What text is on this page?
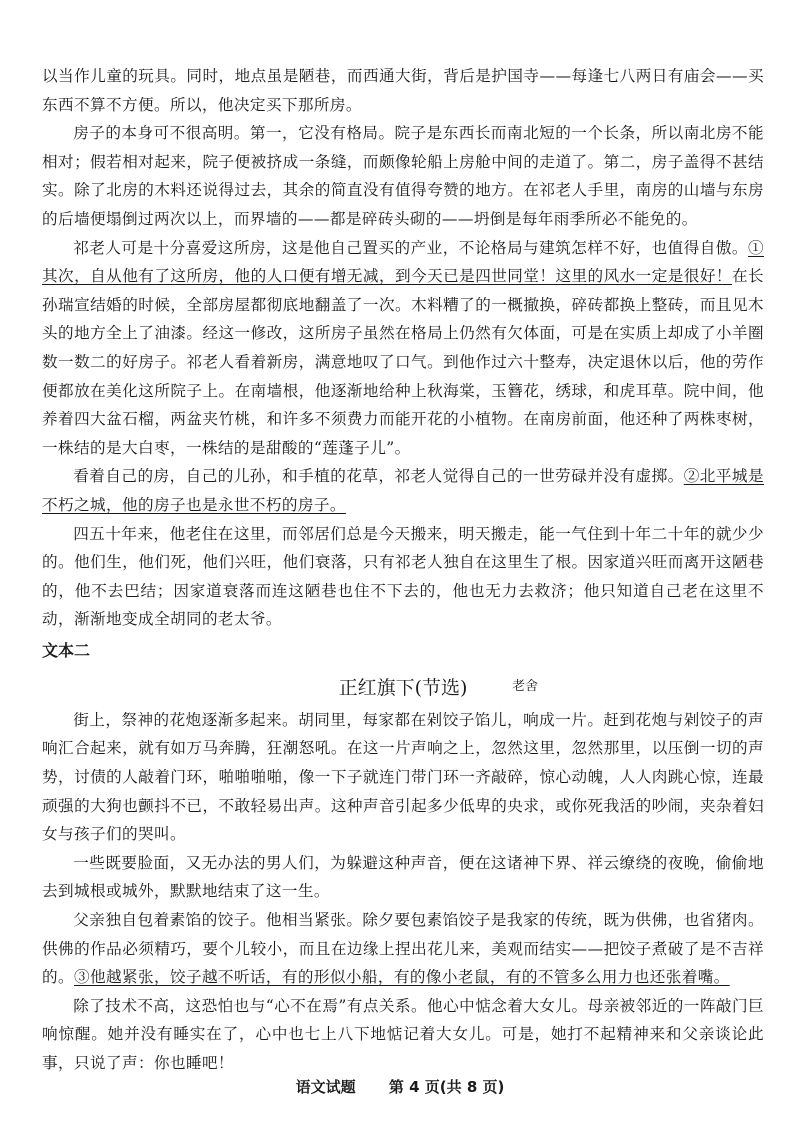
以当作儿童的玩具。同时，地点虽是陋巷，而西通大街，背后是护国寺——每逢七八两日有庙会——买东西不算不方便。所以，他决定买下那所房。

房子的本身可不很高明。第一，它没有格局。院子是东西长而南北短的一个长条，所以南北房不能相对；假若相对起来，院子便被挤成一条缝，而颇像轮船上房舱中间的走道了。第二，房子盖得不甚结实。除了北房的木料还说得过去，其余的简直没有值得夸赞的地方。在祁老人手里，南房的山墙与东房的后墙便塌倒过两次以上，而界墙的——都是碎砖头砌的——坍倒是每年雨季所必不能免的。

祁老人可是十分喜爱这所房，这是他自己置买的产业，不论格局与建筑怎样不好，也值得自傲。①其次，自从他有了这所房，他的人口便有增无减，到今天已是四世同堂！这里的风水一定是很好！在长孙瑞宣结婚的时候，全部房屋都彻底地翻盖了一次。木料糟了的一概撤换，碎砖都换上整砖，而且见木头的地方全上了油漆。经这一修改，这所房子虽然在格局上仍然有欠体面，可是在实质上却成了小羊圈数一数二的好房子。祁老人看着新房，满意地叹了口气。到他作过六十整寿，决定退休以后，他的劳作便都放在美化这所院子上。在南墙根，他逐渐地给种上秋海棠，玉簪花，绣球，和虎耳草。院中间，他养着四大盆石榴，两盆夹竹桃，和许多不须费力而能开花的小植物。在南房前面，他还种了两株枣树，一株结的是大白枣，一株结的是甜酸的“莲蓬子儿”。

看着自己的房，自己的儿孙，和手植的花草，祁老人觉得自己的一世劳碌并没有虚掷。②北平城是不朽之城，他的房子也是永世不朽的房子。

四五十年来，他老住在这里，而邻居们总是今天搬来，明天搬走，能一气住到十年二十年的就少少的。他们生，他们死，他们兴旺，他们衰落，只有祁老人独自在这里生了根。因家道兴旺而离开这陋巷的，他不去巴结；因家道衰落而连这陋巷也住不下去的，他也无力去救济；他只知道自己老在这里不动，渐渐地变成全胡同的老太爷。

文本二
正红旗下(节选)	老舍

街上，祭神的花炮逐渐多起来。胡同里，每家都在剁饺子馅儿，响成一片。赶到花炮与剁饺子的声响汇合起来，就有如万马奔腾，狂潮怒吼。在这一片声响之上，忽然这里，忽然那里，以压倒一切的声势，讨债的人敲着门环，啪啪啪啪，像一下子就连门带门环一齐敲碎，惊心动魄，人人肉跳心惊，连最顽强的大狗也颤抖不已，不敢轻易出声。这种声音引起多少低卑的央求，或你死我活的吵闹，夹杂着妇女与孩子们的哭叫。

一些既要脸面，又无办法的男人们，为躲避这种声音，便在这诸神下界、祥云缭绕的夜晚，偷偷地去到城根或城外，默默地结束了这一生。

父亲独自包着素馅的饺子。他相当紧张。除夕要包素馅饺子是我家的传统，既为供佛，也省猪肉。供佛的作品必须精巧，要个儿较小，而且在边缘上捏出花儿来，美观而结实——把饺子煮破了是不吉祥的。③他越紧张，饺子越不听话，有的形似小船，有的像小老鼠，有的不管多么用力也还张着嘴。

除了技术不高，这恐怕也与“心不在焉”有点关系。他心中惦念着大女儿。母亲被邻近的一阵敲门巨响惊醒。她并没有睡实在了，心中也七上八下地惦记着大女儿。可是，她打不起精神来和父亲谈论此事，只说了声：你也睡吧！

语文试题 第 4 页(共 8 页)
